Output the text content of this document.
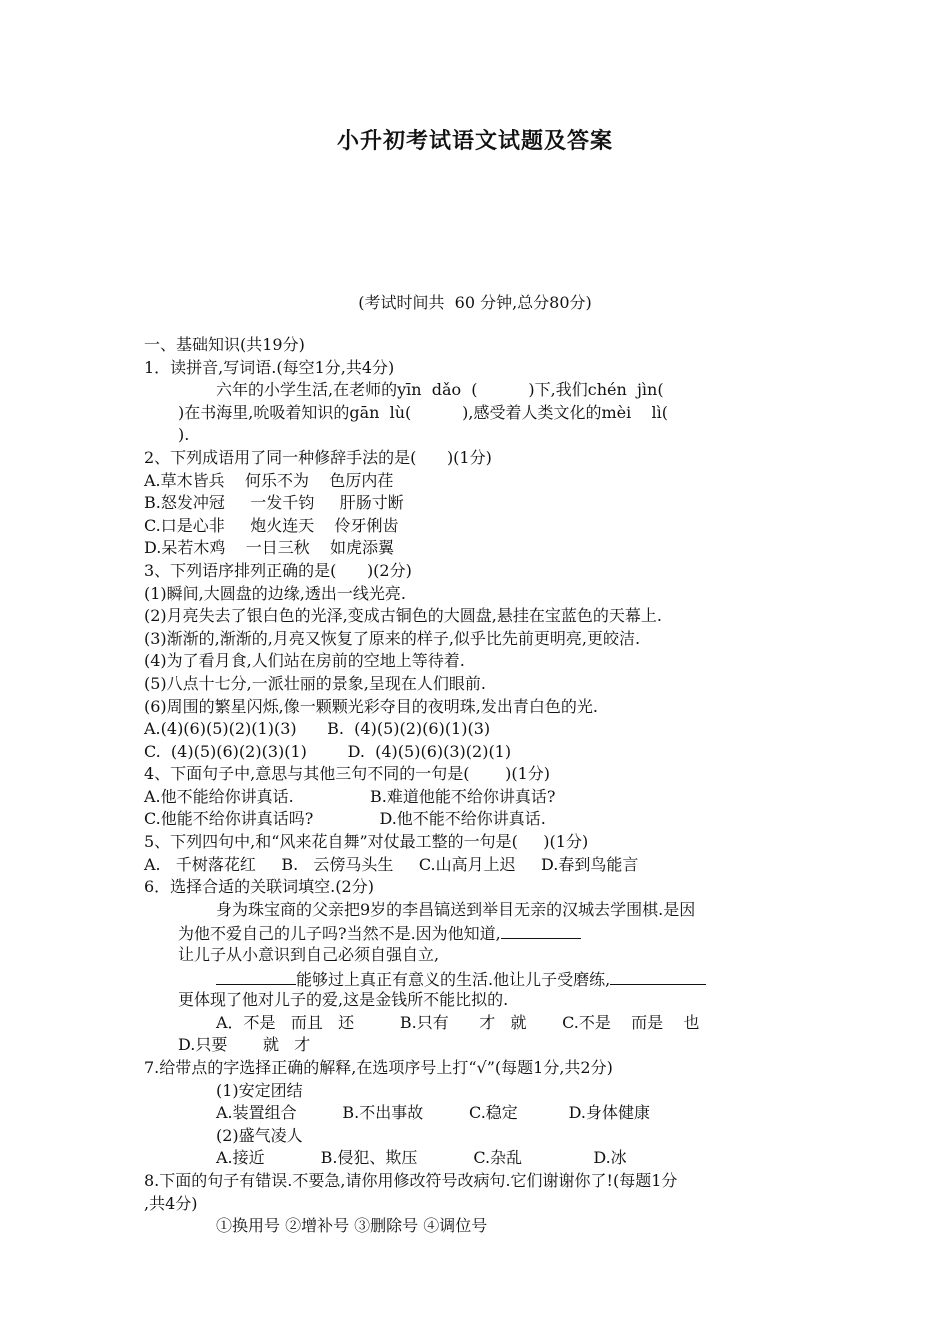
小升初考试语文试题及答案
(考试时间共  60 分钟,总分80分)
一、基础知识(共19分)
1．读拼音,写词语.(每空1分,共4分)
六年的小学生活,在老师的yīn  dǎo  (          )下,我们chén  jìn(
)在书海里,吮吸着知识的gān  lù(          ),感受着人类文化的mèi    lì(
).
2、下列成语用了同一种修辞手法的是(      )(1分)
A.草木皆兵    何乐不为    色厉内荏
B.怒发冲冠     一发千钧     肝肠寸断
C.口是心非     炮火连天    伶牙俐齿
D.呆若木鸡    一日三秋    如虎添翼
3、下列语序排列正确的是(      )(2分)
(1)瞬间,大圆盘的边缘,透出一线光亮.
(2)月亮失去了银白色的光泽,变成古铜色的大圆盘,悬挂在宝蓝色的天幕上.
(3)渐渐的,渐渐的,月亮又恢复了原来的样子,似乎比先前更明亮,更皎洁.
(4)为了看月食,人们站在房前的空地上等待着.
(5)八点十七分,一派壮丽的景象,呈现在人们眼前.
(6)周围的繁星闪烁,像一颗颗光彩夺目的夜明珠,发出青白色的光.
A.(4)(6)(5)(2)(1)(3)      B.  (4)(5)(2)(6)(1)(3)
C.  (4)(5)(6)(2)(3)(1)        D.  (4)(5)(6)(3)(2)(1)
4、下面句子中,意思与其他三句不同的一句是(       )(1分)
A.他不能给你讲真话.               B.难道他能不给你讲真话?
C.他能不给你讲真话吗?             D.他不能不给你讲真话.
5、下列四句中,和“风来花自舞”对仗最工整的一句是(     )(1分)
A.   千树落花红     B.   云傍马头生     C.山高月上迟     D.春到鸟能言
6．选择合适的关联词填空.(2分)
身为珠宝商的父亲把9岁的李昌镐送到举目无亲的汉城去学围棋.是因
为他不爱自己的儿子吗?当然不是.因为他知道,
让儿子从小意识到自己必须自强自立,
能够过上真正有意义的生活.他让儿子受磨练,
更体现了他对儿子的爱,这是金钱所不能比拟的.
A．不是   而且   还         B.只有      才   就       C.不是    而是    也
D.只要       就   才
7.给带点的字选择正确的解释,在选项序号上打“√”(每题1分,共2分)
(1)安定团结
A.装置组合         B.不出事故         C.稳定          D.身体健康
(2)盛气凌人
A.接近           B.侵犯、欺压           C.杂乱              D.冰
8.下面的句子有错误.不要急,请你用修改符号改病句.它们谢谢你了!(每题1分
,共4分)
①换用号 ②增补号 ③删除号 ④调位号
